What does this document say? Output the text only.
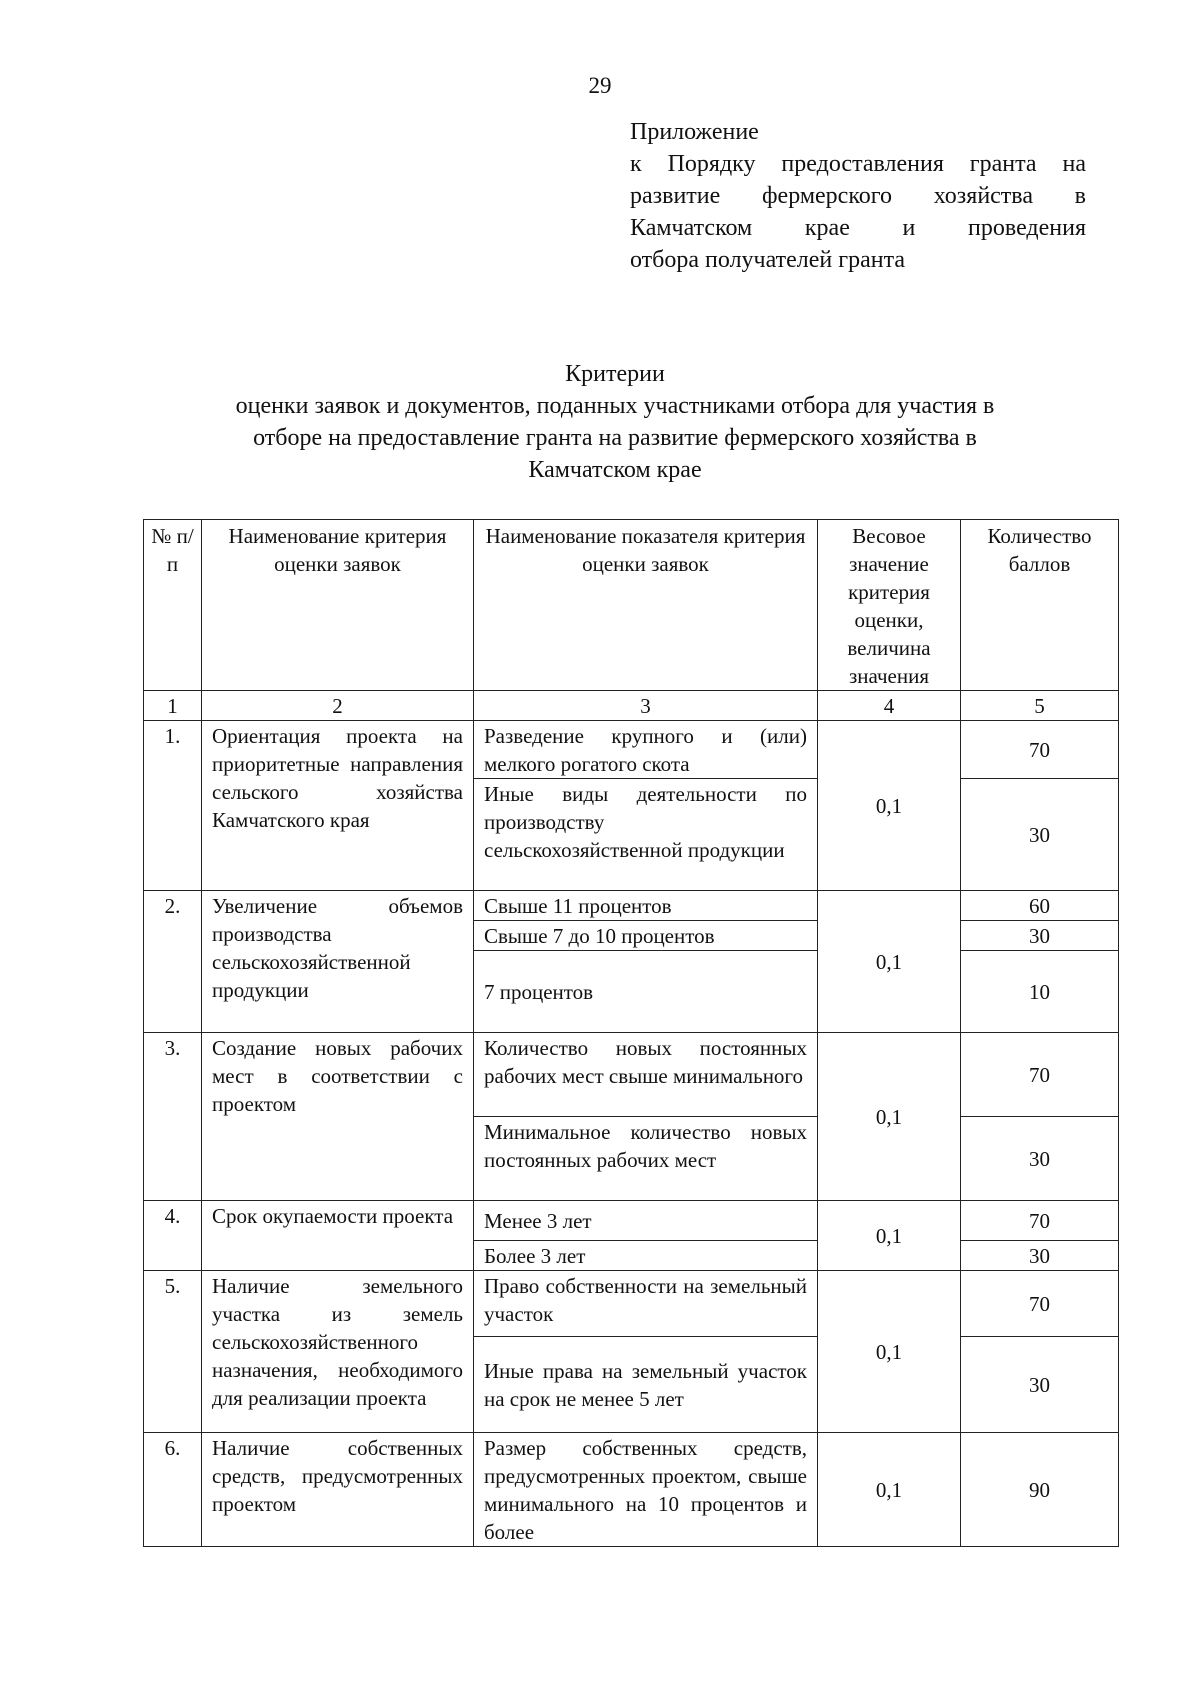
29
Приложение
к Порядку предоставления гранта на
развитие фермерского хозяйства в
Камчатском крае и проведения
отбора получателей гранта
Критерии
оценки заявок и документов, поданных участниками отбора для участия в
отборе на предоставление гранта на развитие фермерского хозяйства в
Камчатском крае
№ п/п	Наименование критерия оценки заявок	Наименование показателя критерия оценки заявок	Весовое значение критерия оценки, величина значения	Количество баллов
1	2	3	4	5
1.	Ориентация проекта на приоритетные направления сельского хозяйства Камчатского края	Разведение крупного и (или) мелкого рогатого скота	0,1	70
		Иные виды деятельности по производству сельскохозяйственной продукции		30
2.	Увеличение объемов производства сельскохозяйственной продукции	Свыше 11 процентов	0,1	60
		Свыше 7 до 10 процентов		30
		7 процентов		10
3.	Создание новых рабочих мест в соответствии с проектом	Количество новых постоянных рабочих мест свыше минимального	0,1	70
		Минимальное количество новых постоянных рабочих мест		30
4.	Срок окупаемости проекта	Менее 3 лет	0,1	70
		Более 3 лет		30
5.	Наличие земельного участка из земель сельскохозяйственного назначения, необходимого для реализации проекта	Право собственности на земельный участок	0,1	70
		Иные права на земельный участок на срок не менее 5 лет		30
6.	Наличие собственных средств, предусмотренных проектом	Размер собственных средств, предусмотренных проектом, свыше минимального на 10 процентов и более	0,1	90
